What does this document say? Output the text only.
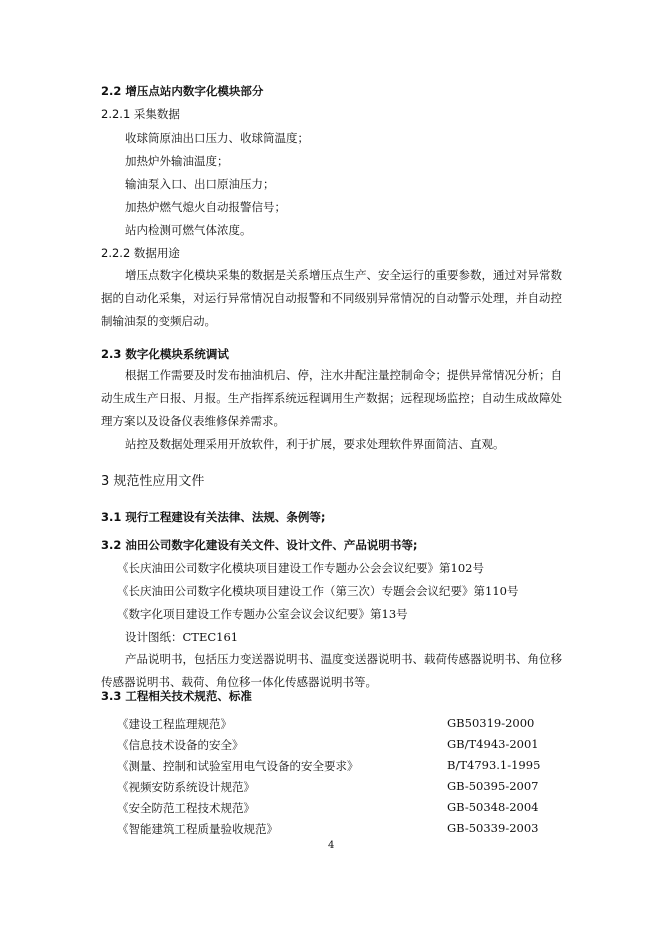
2.2 增压点站内数字化模块部分
2.2.1 采集数据
收球筒原油出口压力、收球筒温度；
加热炉外输油温度；
输油泵入口、出口原油压力；
加热炉燃气熄火自动报警信号；
站内检测可燃气体浓度。
2.2.2 数据用途
增压点数字化模块采集的数据是关系增压点生产、安全运行的重要参数，通过对异常数据的自动化采集，对运行异常情况自动报警和不同级别异常情况的自动警示处理，并自动控制输油泵的变频启动。
2.3 数字化模块系统调试
根据工作需要及时发布抽油机启、停，注水井配注量控制命令；提供异常情况分析；自动生成生产日报、月报。生产指挥系统远程调用生产数据；远程现场监控；自动生成故障处理方案以及设备仪表维修保养需求。
站控及数据处理采用开放软件，利于扩展，要求处理软件界面简洁、直观。
3 规范性应用文件
3.1 现行工程建设有关法律、法规、条例等;
3.2 油田公司数字化建设有关文件、设计文件、产品说明书等;
《长庆油田公司数字化模块项目建设工作专题办公会会议纪要》第102号
《长庆油田公司数字化模块项目建设工作（第三次）专题会会议纪要》第110号
《数字化项目建设工作专题办公室会议会议纪要》第13号
设计图纸：CTEC161
产品说明书，包括压力变送器说明书、温度变送器说明书、载荷传感器说明书、角位移传感器说明书、载荷、角位移一体化传感器说明书等。
3.3 工程相关技术规范、标准
《建设工程监理规范》	GB50319-2000
《信息技术设备的安全》	GB/T4943-2001
《测量、控制和试验室用电气设备的安全要求》	B/T4793.1-1995
《视频安防系统设计规范》	GB-50395-2007
《安全防范工程技术规范》	GB-50348-2004
《智能建筑工程质量验收规范》	GB-50339-2003
4
